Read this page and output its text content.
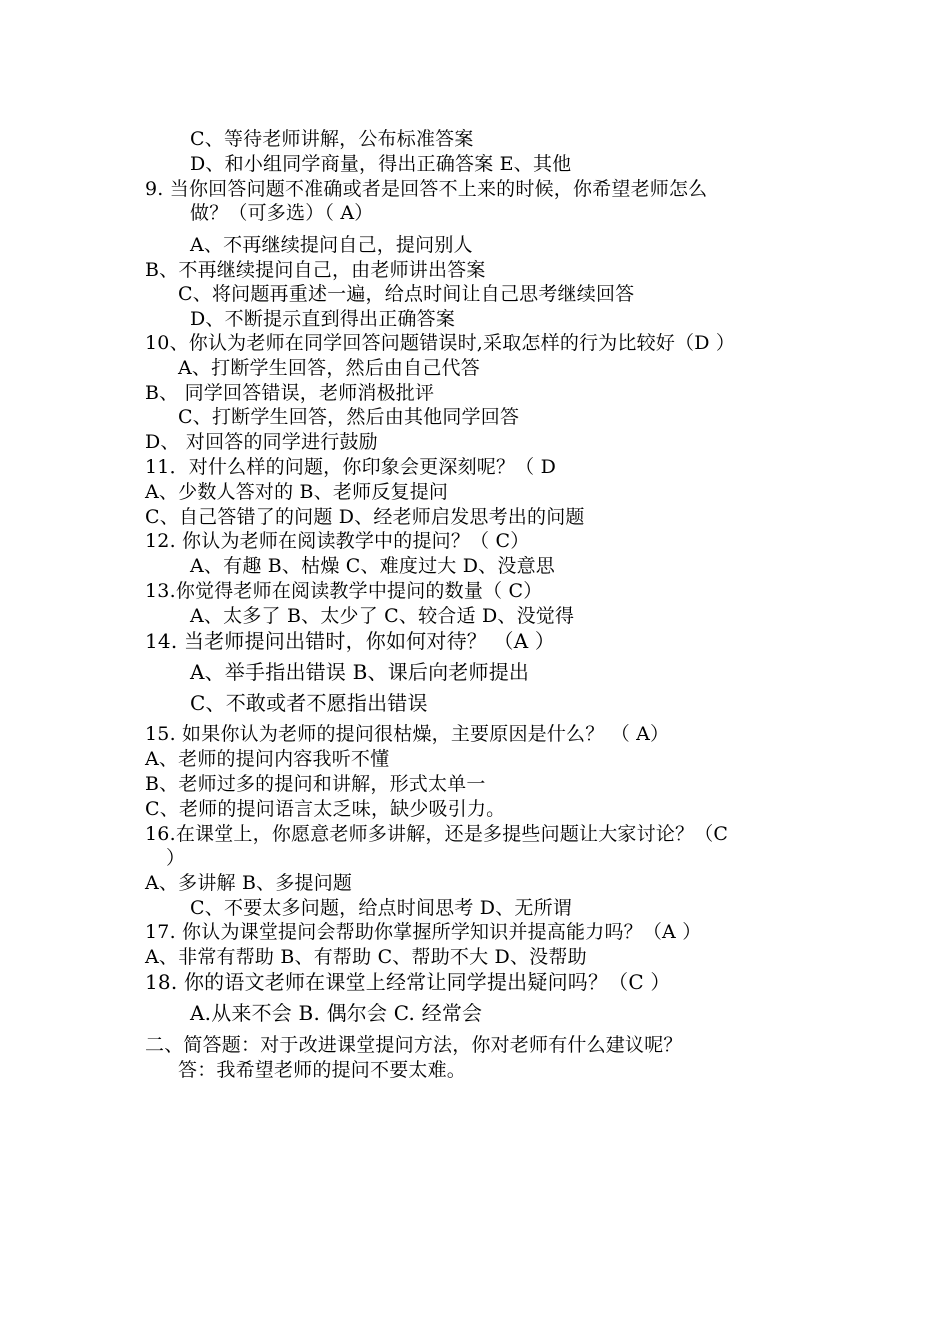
C、等待老师讲解，公布标准答案
D、和小组同学商量，得出正确答案 E、其他
9. 当你回答问题不准确或者是回答不上来的时候，你希望老师怎么
做？（可多选）（ A）
A、不再继续提问自己，提问别人
B、不再继续提问自己，由老师讲出答案
C、将问题再重述一遍，给点时间让自己思考继续回答
D、不断提示直到得出正确答案
10、你认为老师在同学回答问题错误时,采取怎样的行为比较好（D ）
A、打断学生回答，然后由自己代答
B、 同学回答错误，老师消极批评
C、打断学生回答，然后由其他同学回答
D、 对回答的同学进行鼓励
11．对什么样的问题，你印象会更深刻呢？（ D
A、少数人答对的 B、老师反复提问
C、自己答错了的问题 D、经老师启发思考出的问题
12. 你认为老师在阅读教学中的提问？（ C）
A、有趣 B、枯燥 C、难度过大 D、没意思
13.你觉得老师在阅读教学中提问的数量（ C）
A、太多了 B、太少了 C、较合适 D、没觉得
14. 当老师提问出错时，你如何对待？ （A ）
A、举手指出错误 B、课后向老师提出
C、不敢或者不愿指出错误
15. 如果你认为老师的提问很枯燥，主要原因是什么？ （ A）
A、老师的提问内容我听不懂
B、老师过多的提问和讲解，形式太单一
C、老师的提问语言太乏味，缺少吸引力。
16.在课堂上，你愿意老师多讲解，还是多提些问题让大家讨论？（C
）
A、多讲解 B、多提问题
C、不要太多问题，给点时间思考 D、无所谓
17. 你认为课堂提问会帮助你掌握所学知识并提高能力吗？（A ）
A、非常有帮助 B、有帮助 C、帮助不大 D、没帮助
18. 你的语文老师在课堂上经常让同学提出疑问吗？（C ）
A.从来不会 B. 偶尔会 C. 经常会
二、简答题：对于改进课堂提问方法，你对老师有什么建议呢？
答：我希望老师的提问不要太难。
